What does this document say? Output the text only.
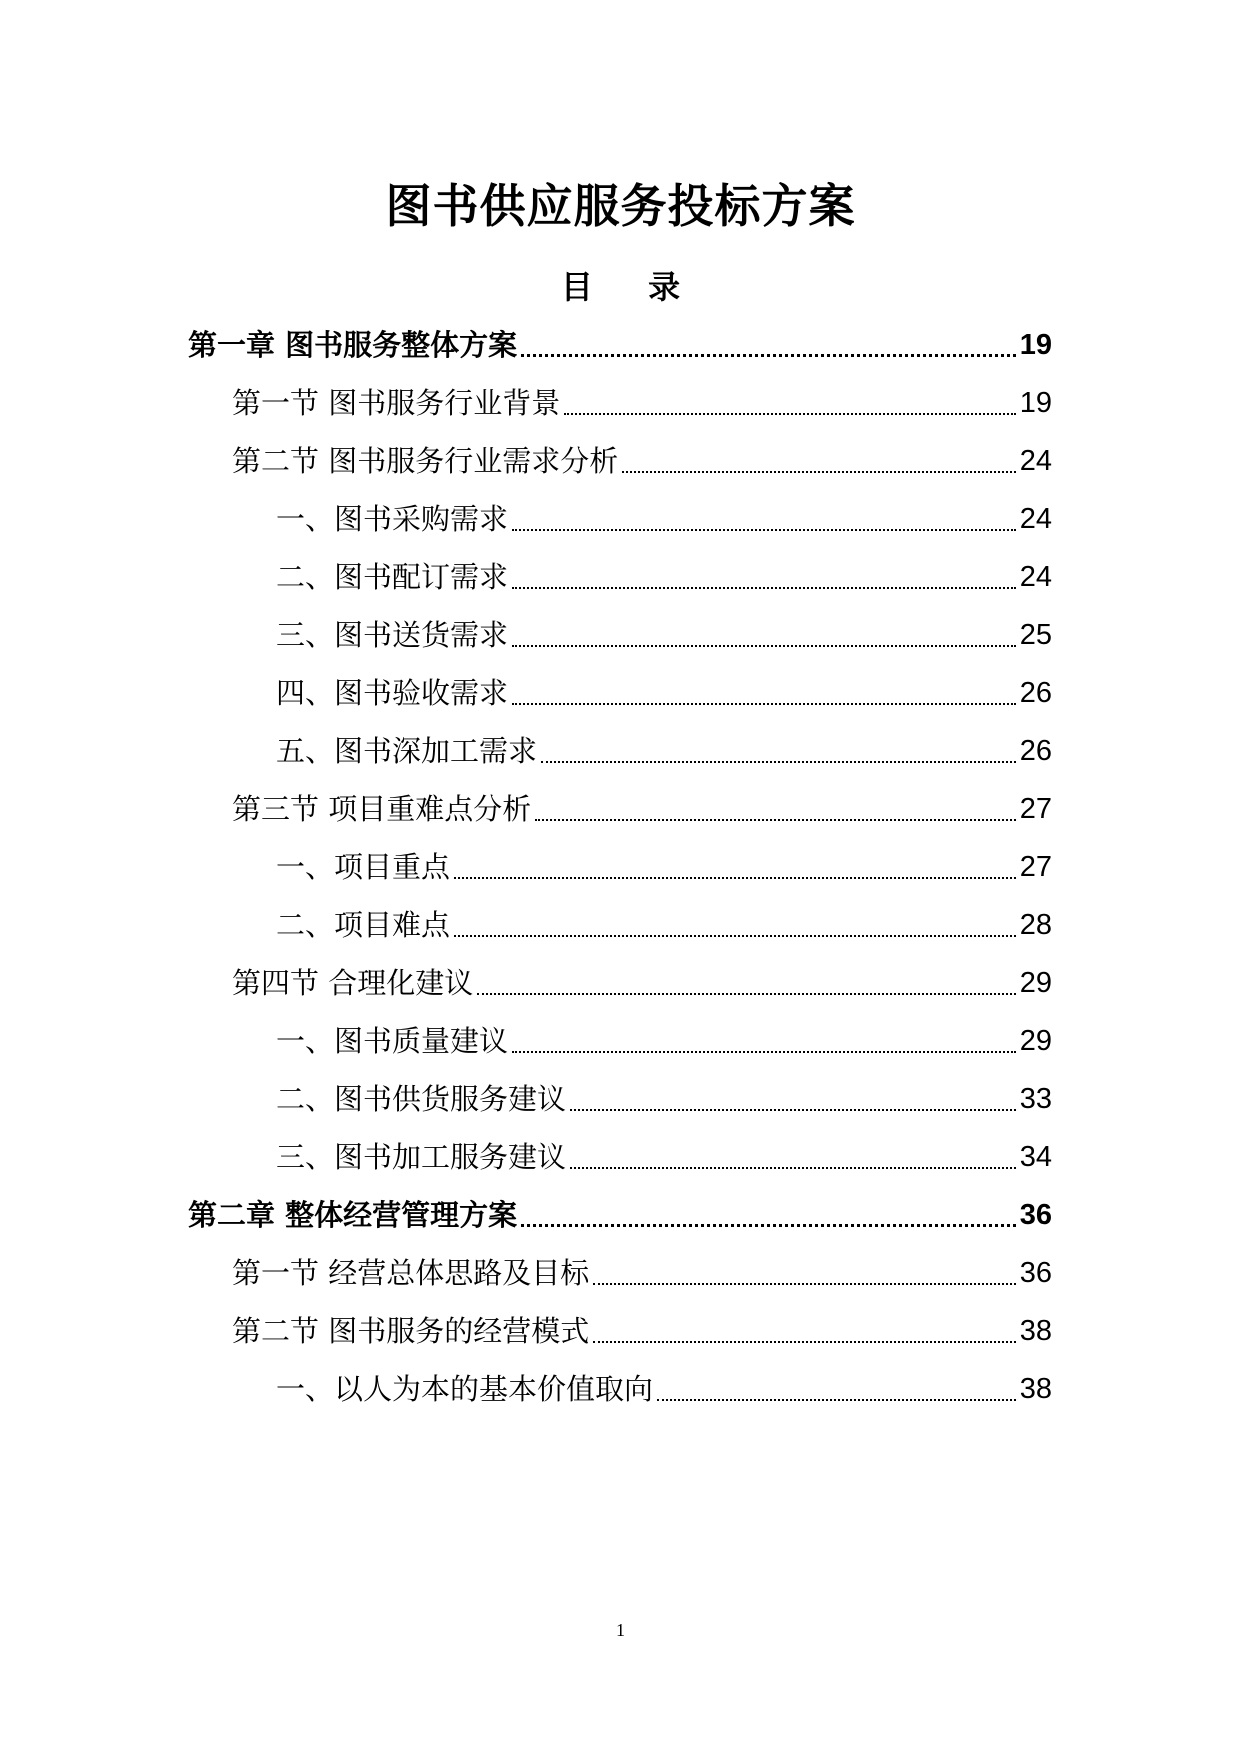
图书供应服务投标方案
目 录
第一章 图书服务整体方案	19
第一节 图书服务行业背景	19
第二节 图书服务行业需求分析	24
一、图书采购需求	24
二、图书配订需求	24
三、图书送货需求	25
四、图书验收需求	26
五、图书深加工需求	26
第三节 项目重难点分析	27
一、项目重点	27
二、项目难点	28
第四节 合理化建议	29
一、图书质量建议	29
二、图书供货服务建议	33
三、图书加工服务建议	34
第二章 整体经营管理方案	36
第一节 经营总体思路及目标	36
第二节 图书服务的经营模式	38
一、以人为本的基本价值取向	38
1
